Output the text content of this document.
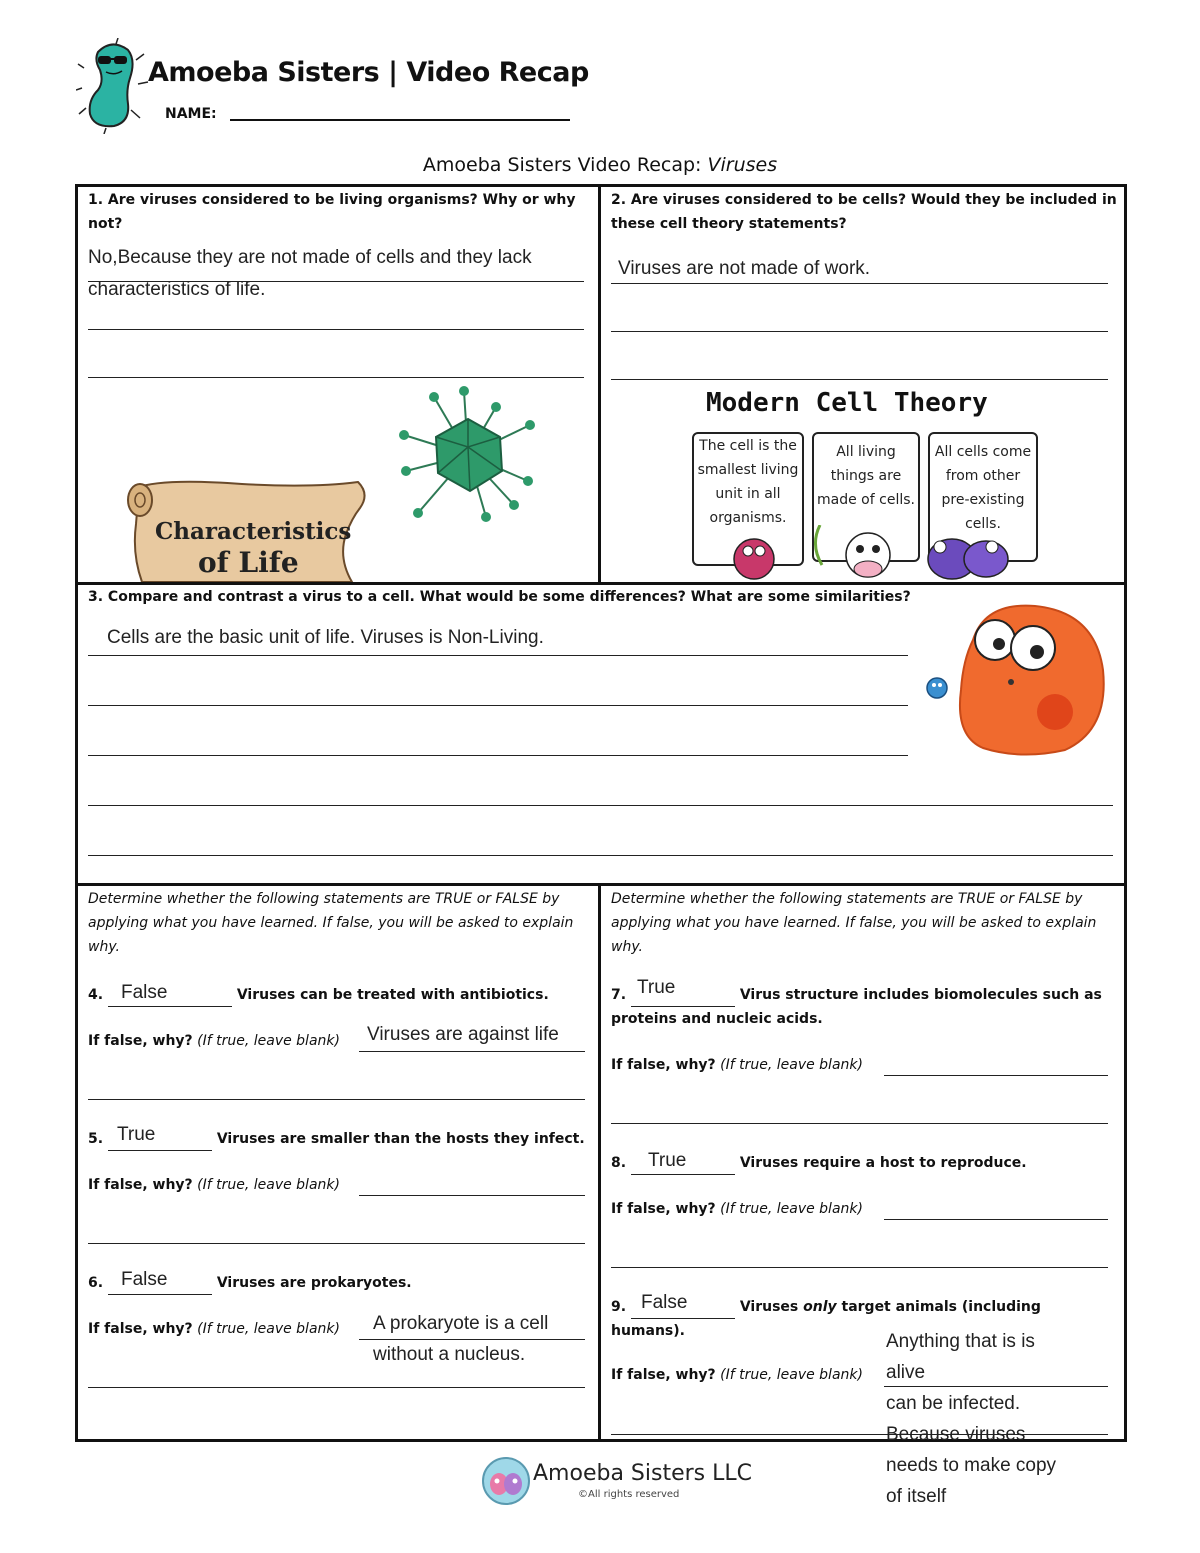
Amoeba Sisters | Video Recap
NAME:
Amoeba Sisters Video Recap: Viruses
1. Are viruses considered to be living organisms? Why or why not?
No,Because they are not made of cells and they lack
characteristics of life.
Characteristics
of Life
2. Are viruses considered to be cells? Would they be included in these cell theory statements?
Viruses are not made of work.
Modern Cell Theory
The cell is the smallest living unit in all organisms.
All living things are made of cells.
All cells come from other pre-existing cells.
3. Compare and contrast a virus to a cell. What would be some differences? What are some similarities?
Cells are the basic unit of life. Viruses is Non-Living.
Determine whether the following statements are TRUE or FALSE by applying what you have learned. If false, you will be asked to explain why.
Determine whether the following statements are TRUE or FALSE by applying what you have learned. If false, you will be asked to explain why.
4.	Viruses can be treated with antibiotics.
False
If false, why? (If true, leave blank) Viruses are against life
5.	Viruses are smaller than the hosts they infect.
True
If false, why? (If true, leave blank)
6.	Viruses are prokaryotes.
False
If false, why? (If true, leave blank) A prokaryote is a cell
without a nucleus.
7.	Virus structure includes biomolecules such as proteins and nucleic acids.
True
If false, why? (If true, leave blank)
8.	Viruses require a host to reproduce.
True
If false, why? (If true, leave blank)
9.	Viruses only target animals (including humans).
False
If false, why? (If true, leave blank)
Anything that is is
alive
can be infected.
Because viruses
needs to make copy
of itself
Amoeba Sisters LLC
©All rights reserved
